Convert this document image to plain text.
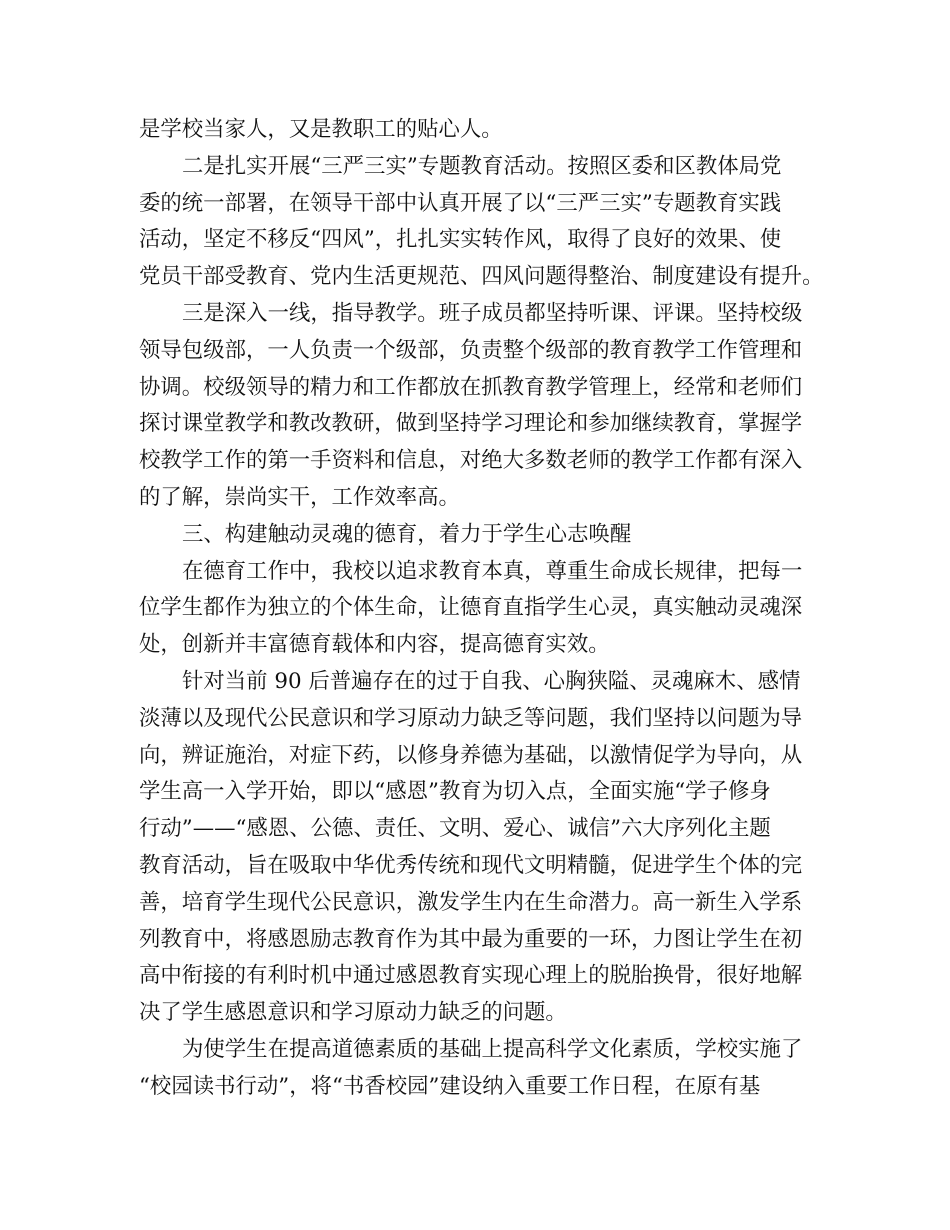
是学校当家人，又是教职工的贴心人。
二是扎实开展“三严三实”专题教育活动。按照区委和区教体局党
委的统一部署，在领导干部中认真开展了以“三严三实”专题教育实践
活动，坚定不移反“四风”，扎扎实实转作风，取得了良好的效果、使
党员干部受教育、党内生活更规范、四风问题得整治、制度建设有提升。
三是深入一线，指导教学。班子成员都坚持听课、评课。坚持校级
领导包级部，一人负责一个级部，负责整个级部的教育教学工作管理和
协调。校级领导的精力和工作都放在抓教育教学管理上，经常和老师们
探讨课堂教学和教改教研，做到坚持学习理论和参加继续教育，掌握学
校教学工作的第一手资料和信息，对绝大多数老师的教学工作都有深入
的了解，崇尚实干，工作效率高。
三、构建触动灵魂的德育，着力于学生心志唤醒
在德育工作中，我校以追求教育本真，尊重生命成长规律，把每一
位学生都作为独立的个体生命，让德育直指学生心灵，真实触动灵魂深
处，创新并丰富德育载体和内容，提高德育实效。
针对当前 90 后普遍存在的过于自我、心胸狭隘、灵魂麻木、感情
淡薄以及现代公民意识和学习原动力缺乏等问题，我们坚持以问题为导
向，辨证施治，对症下药，以修身养德为基础，以激情促学为导向，从
学生高一入学开始，即以“感恩”教育为切入点，全面实施“学子修身
行动”——“感恩、公德、责任、文明、爱心、诚信”六大序列化主题
教育活动，旨在吸取中华优秀传统和现代文明精髓，促进学生个体的完
善，培育学生现代公民意识，激发学生内在生命潜力。高一新生入学系
列教育中，将感恩励志教育作为其中最为重要的一环，力图让学生在初
高中衔接的有利时机中通过感恩教育实现心理上的脱胎换骨，很好地解
决了学生感恩意识和学习原动力缺乏的问题。
为使学生在提高道德素质的基础上提高科学文化素质，学校实施了
“校园读书行动”，将“书香校园”建设纳入重要工作日程，在原有基
